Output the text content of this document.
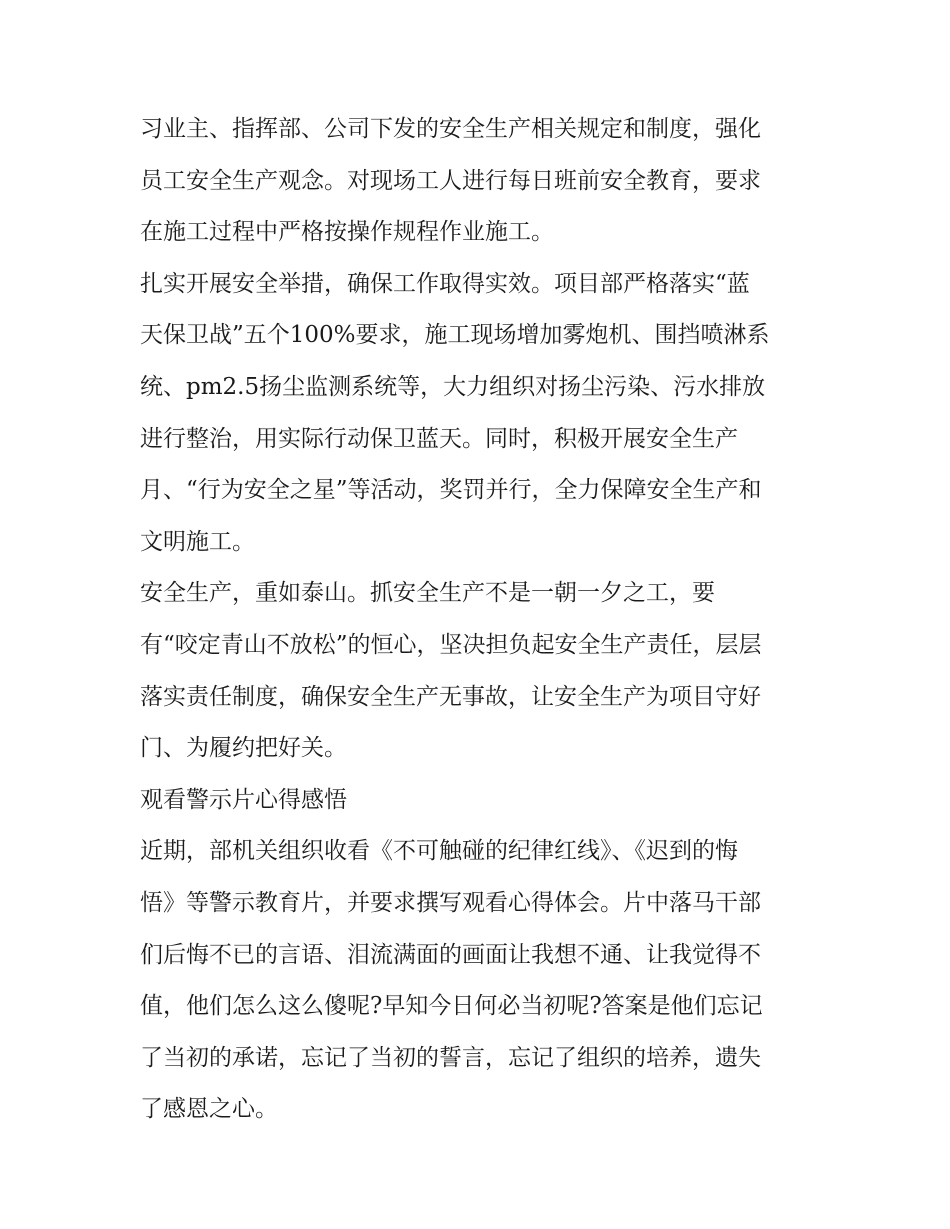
习业主、指挥部、公司下发的安全生产相关规定和制度，强化
员工安全生产观念。对现场工人进行每日班前安全教育，要求
在施工过程中严格按操作规程作业施工。
扎实开展安全举措，确保工作取得实效。项目部严格落实“蓝
天保卫战”五个100%要求，施工现场增加雾炮机、围挡喷淋系
统、pm2.5扬尘监测系统等，大力组织对扬尘污染、污水排放
进行整治，用实际行动保卫蓝天。同时，积极开展安全生产
月、“行为安全之星”等活动，奖罚并行，全力保障安全生产和
文明施工。
安全生产，重如泰山。抓安全生产不是一朝一夕之工，要
有“咬定青山不放松”的恒心，坚决担负起安全生产责任，层层
落实责任制度，确保安全生产无事故，让安全生产为项目守好
门、为履约把好关。
观看警示片心得感悟
近期，部机关组织收看《不可触碰的纪律红线》、《迟到的悔
悟》等警示教育片，并要求撰写观看心得体会。片中落马干部
们后悔不已的言语、泪流满面的画面让我想不通、让我觉得不
值，他们怎么这么傻呢?早知今日何必当初呢?答案是他们忘记
了当初的承诺，忘记了当初的誓言，忘记了组织的培养，遗失
了感恩之心。
